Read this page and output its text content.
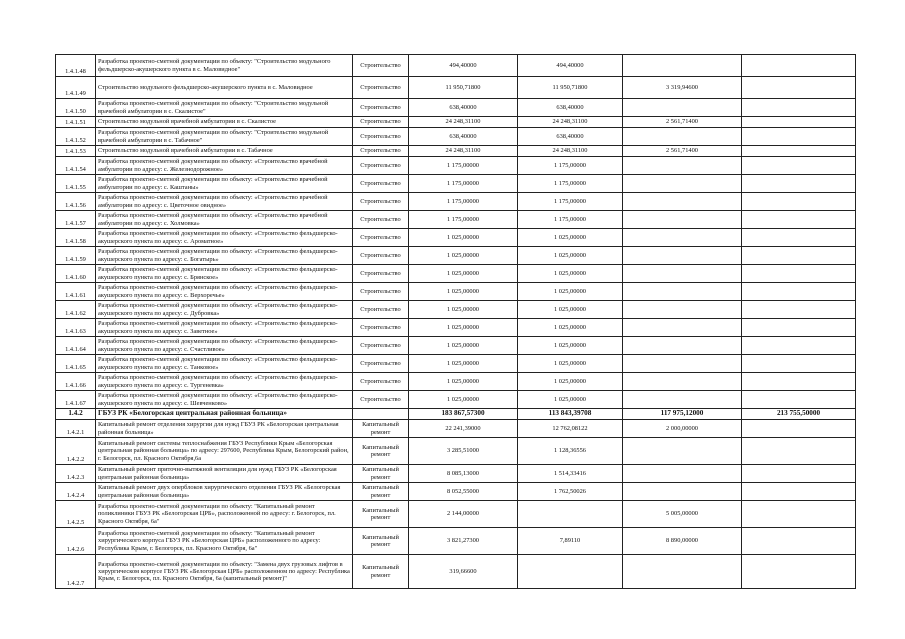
1.4.1.48	Разработка проектно-сметной документации по объекту: "Строительство модульного фельдшерско-акушерского пункта в с. Маловидное"	Строительство	494,40000	494,40000		
1.4.1.49	Строительство модульного фельдшерско-акушерского пункта в с. Маловидное	Строительство	11 950,71800	11 950,71800	3 319,94600	
1.4.1.50	Разработка проектно-сметной документации по объекту: "Строительство модульной врачебной амбулатории в с. Скалистое"	Строительство	638,40000	638,40000		
1.4.1.51	Строительство модульной врачебной амбулатории в с. Скалистое	Строительство	24 248,31100	24 248,31100	2 561,71400	
1.4.1.52	Разработка проектно-сметной документации по объекту: "Строительство модульной врачебной амбулатории в с. Табачное"	Строительство	638,40000	638,40000		
1.4.1.53	Строительство модульной врачебной амбулатории в с. Табачное	Строительство	24 248,31100	24 248,31100	2 561,71400	
1.4.1.54	Разработка проектно-сметной документации по объекту: «Строительство врачебной амбулатории по адресу: с. Железнодорожное»	Строительство	1 175,00000	1 175,00000		
1.4.1.55	Разработка проектно-сметной документации по объекту: «Строительство врачебной амбулатории по адресу: с. Каштаны»	Строительство	1 175,00000	1 175,00000		
1.4.1.56	Разработка проектно-сметной документации по объекту: «Строительство врачебной амбулатории по адресу: с. Цветочное овидное»	Строительство	1 175,00000	1 175,00000		
1.4.1.57	Разработка проектно-сметной документации по объекту: «Строительство врачебной амбулатории по адресу: с. Холмовка»	Строительство	1 175,00000	1 175,00000		
1.4.1.58	Разработка проектно-сметной документации по объекту: «Строительство фельдшерско-акушерского пункта по адресу: с. Ароматное»	Строительство	1 025,00000	1 025,00000		
1.4.1.59	Разработка проектно-сметной документации по объекту: «Строительство фельдшерско-акушерского пункта по адресу: с. Богатырь»	Строительство	1 025,00000	1 025,00000		
1.4.1.60	Разработка проектно-сметной документации по объекту: «Строительство фельдшерско-акушерского пункта по адресу: с. Брянское»	Строительство	1 025,00000	1 025,00000		
1.4.1.61	Разработка проектно-сметной документации по объекту: «Строительство фельдшерско-акушерского пункта по адресу: с. Верхоречье»	Строительство	1 025,00000	1 025,00000		
1.4.1.62	Разработка проектно-сметной документации по объекту: «Строительство фельдшерско-акушерского пункта по адресу: с. Дубровка»	Строительство	1 025,00000	1 025,00000		
1.4.1.63	Разработка проектно-сметной документации по объекту: «Строительство фельдшерско-акушерского пункта по адресу: с. Заветное»	Строительство	1 025,00000	1 025,00000		
1.4.1.64	Разработка проектно-сметной документации по объекту: «Строительство фельдшерско-акушерского пункта по адресу: с. Счастливое»	Строительство	1 025,00000	1 025,00000		
1.4.1.65	Разработка проектно-сметной документации по объекту: «Строительство фельдшерско-акушерского пункта по адресу: с. Танковое»	Строительство	1 025,00000	1 025,00000		
1.4.1.66	Разработка проектно-сметной документации по объекту: «Строительство фельдшерско-акушерского пункта по адресу: с. Тургеневка»	Строительство	1 025,00000	1 025,00000		
1.4.1.67	Разработка проектно-сметной документации по объекту: «Строительство фельдшерско-акушерского пункта по адресу: с. Шевченково»	Строительство	1 025,00000	1 025,00000		
1.4.2	ГБУЗ РК «Белогорская центральная районная больница»		183 867,57300	113 843,39708	117 975,12000	213 755,50000
1.4.2.1	Капитальный ремонт отделения хирургии для нужд ГБУЗ РК «Белогорская центральная районная больница»	Капитальный ремонт	22 241,39000	12 762,08122	2 000,00000	
1.4.2.2	Капитальный ремонт системы теплоснабжения ГБУЗ Республики Крым «Белогорская центральная районная больница» по адресу: 297600, Республика Крым, Белогорский район, г. Белогорск, пл. Красного Октября,6а	Капитальный ремонт	3 285,51000	1 128,36556		
1.4.2.3	Капитальный ремонт приточно-вытяжной вентиляции для нужд ГБУЗ РК «Белогорская центральная районная больница»	Капитальный ремонт	8 085,13000	1 514,33416		
1.4.2.4	Капитальный ремонт двух оперблоков хирургического отделения ГБУЗ РК «Белогорская центральная районная больница»	Капитальный ремонт	8 052,55000	1 762,50026		
1.4.2.5	Разработка проектно-сметной документации по объекту: "Капитальный ремонт поликлиники ГБУЗ РК «Белогорская ЦРБ», расположенной по адресу: г. Белогорск, пл. Красного Октября, 6а"	Капитальный ремонт	2 144,00000		5 005,00000	
1.4.2.6	Разработка проектно-сметной документации по объекту: "Капитальный ремонт хирургического корпуса ГБУЗ РК «Белогорская ЦРБ» расположенного по адресу: Республика Крым, г. Белогорск, пл. Красного Октября, 6а"	Капитальный ремонт	3 821,27300	7,89110	8 890,00000	
1.4.2.7	Разработка проектно-сметной документации по объекту: "Замена двух грузовых лифтов в хирургическом корпусе ГБУЗ РК «Белогорская ЦРБ» расположенном по адресу: Республика Крым, г. Белогорск, пл. Красного Октября, 6а (капитальный ремонт)"	Капитальный ремонт	319,66600			
